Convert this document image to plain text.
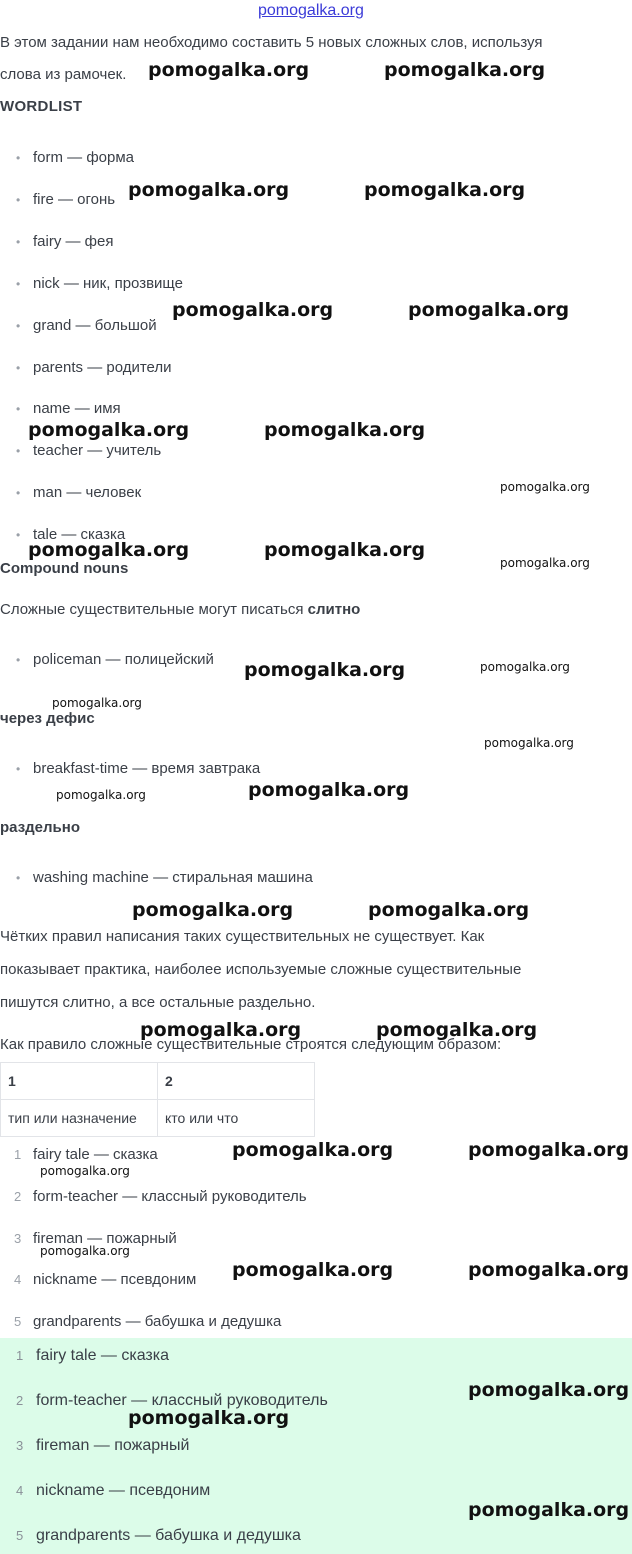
pomogalka.org
В этом задании нам необходимо составить 5 новых сложных слов, используя
слова из рамочек.
WORDLIST
• form — форма
• fire — огонь
• fairy — фея
• nick — ник, прозвище
• grand — большой
• parents — родители
• name — имя
• teacher — учитель
• man — человек
• tale — сказка
Compound nouns
Сложные существительные могут писаться слитно
• policeman — полицейский
через дефис
• breakfast-time — время завтрака
раздельно
• washing machine — стиральная машина
Чётких правил написания таких существительных не существует. Как
показывает практика, наиболее используемые сложные существительные
пишутся слитно, а все остальные раздельно.
Как правило сложные существительные строятся следующим образом:
1	2
тип или назначение	кто или что
1 fairy tale — сказка
2 form-teacher — классный руководитель
3 fireman — пожарный
4 nickname — псевдоним
5 grandparents — бабушка и дедушка
1 fairy tale — сказка
2 form-teacher — классный руководитель
3 fireman — пожарный
4 nickname — псевдоним
5 grandparents — бабушка и дедушка
pomogalka.org	pomogalka.org
pomogalka.org	pomogalka.org
pomogalka.org	pomogalka.org
pomogalka.org	pomogalka.org
pomogalka.org	pomogalka.org
pomogalka.org
pomogalka.org
pomogalka.org	pomogalka.org
pomogalka.org	pomogalka.org
pomogalka.org	pomogalka.org
pomogalka.org	pomogalka.org
pomogalka.org
pomogalka.org
pomogalka.org
pomogalka.org
pomogalka.org
pomogalka.org
pomogalka.org
pomogalka.org
pomogalka.org
pomogalka.org
pomogalka.org
